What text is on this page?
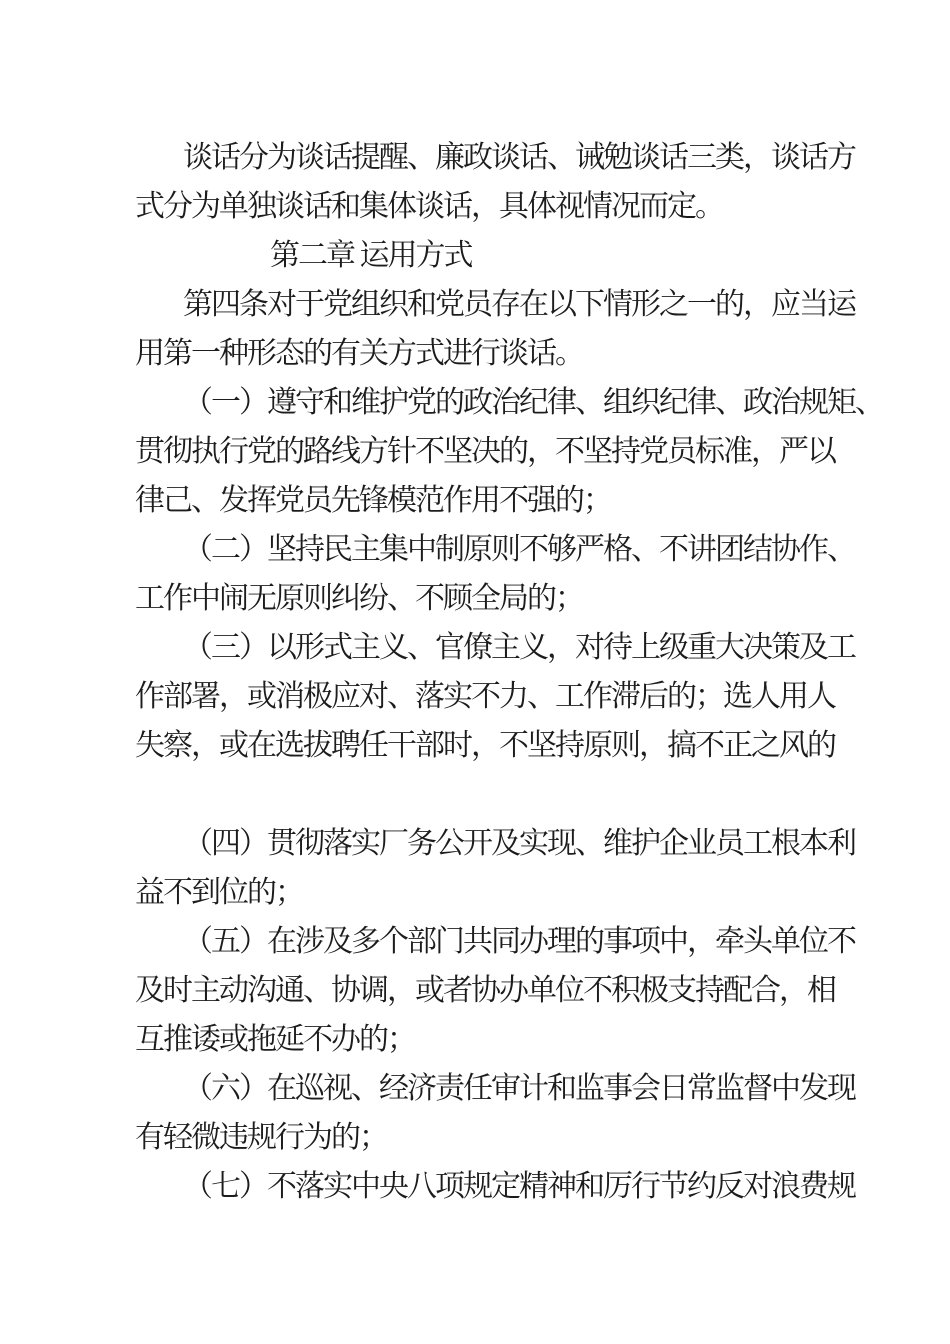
谈话分为谈话提醒、廉政谈话、诫勉谈话三类，谈话方
式分为单独谈话和集体谈话，具体视情况而定。
第二章 运用方式
第四条对于党组织和党员存在以下情形之一的，应当运
用第一种形态的有关方式进行谈话。
（一）遵守和维护党的政治纪律、组织纪律、政治规矩、
贯彻执行党的路线方针不坚决的，不坚持党员标准，严以
律己、发挥党员先锋模范作用不强的；
（二）坚持民主集中制原则不够严格、不讲团结协作、
工作中闹无原则纠纷、不顾全局的；
（三）以形式主义、官僚主义，对待上级重大决策及工
作部署，或消极应对、落实不力、工作滞后的；选人用人
失察，或在选拔聘任干部时，不坚持原则，搞不正之风的
（四）贯彻落实厂务公开及实现、维护企业员工根本利
益不到位的；
（五）在涉及多个部门共同办理的事项中，牵头单位不
及时主动沟通、协调，或者协办单位不积极支持配合，相
互推诿或拖延不办的；
（六）在巡视、经济责任审计和监事会日常监督中发现
有轻微违规行为的；
（七）不落实中央八项规定精神和厉行节约反对浪费规
